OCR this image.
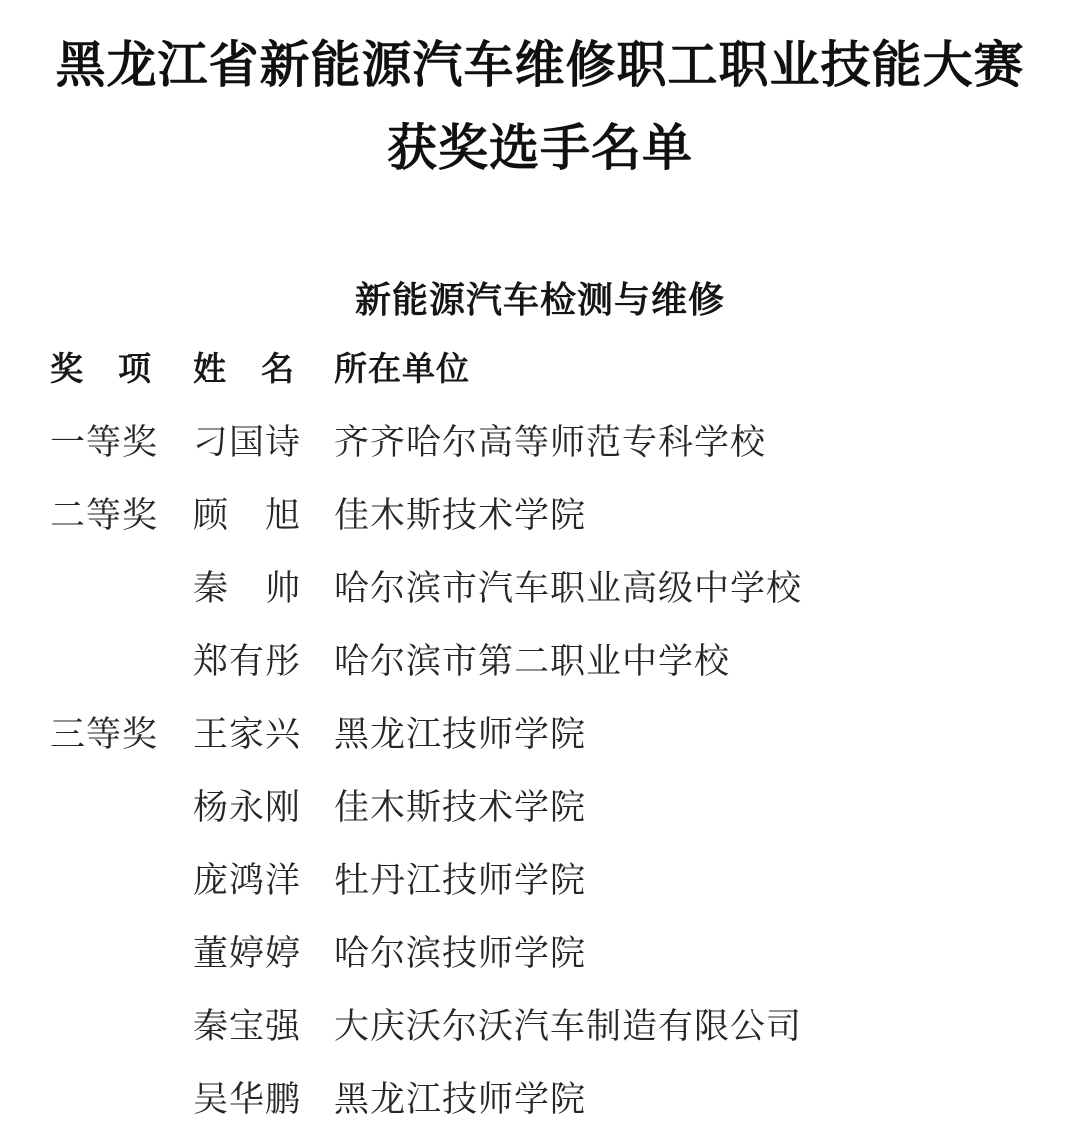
黑龙江省新能源汽车维修职工职业技能大赛
获奖选手名单
新能源汽车检测与维修
奖　项	姓　名	所在单位
一等奖 刁国诗 齐齐哈尔高等师范专科学校
二等奖 顾　旭 佳木斯技术学院
秦　帅 哈尔滨市汽车职业高级中学校
郑有彤 哈尔滨市第二职业中学校
三等奖 王家兴 黑龙江技师学院
杨永刚 佳木斯技术学院
庞鸿洋 牡丹江技师学院
董婷婷 哈尔滨技师学院
秦宝强 大庆沃尔沃汽车制造有限公司
吴华鹏 黑龙江技师学院
